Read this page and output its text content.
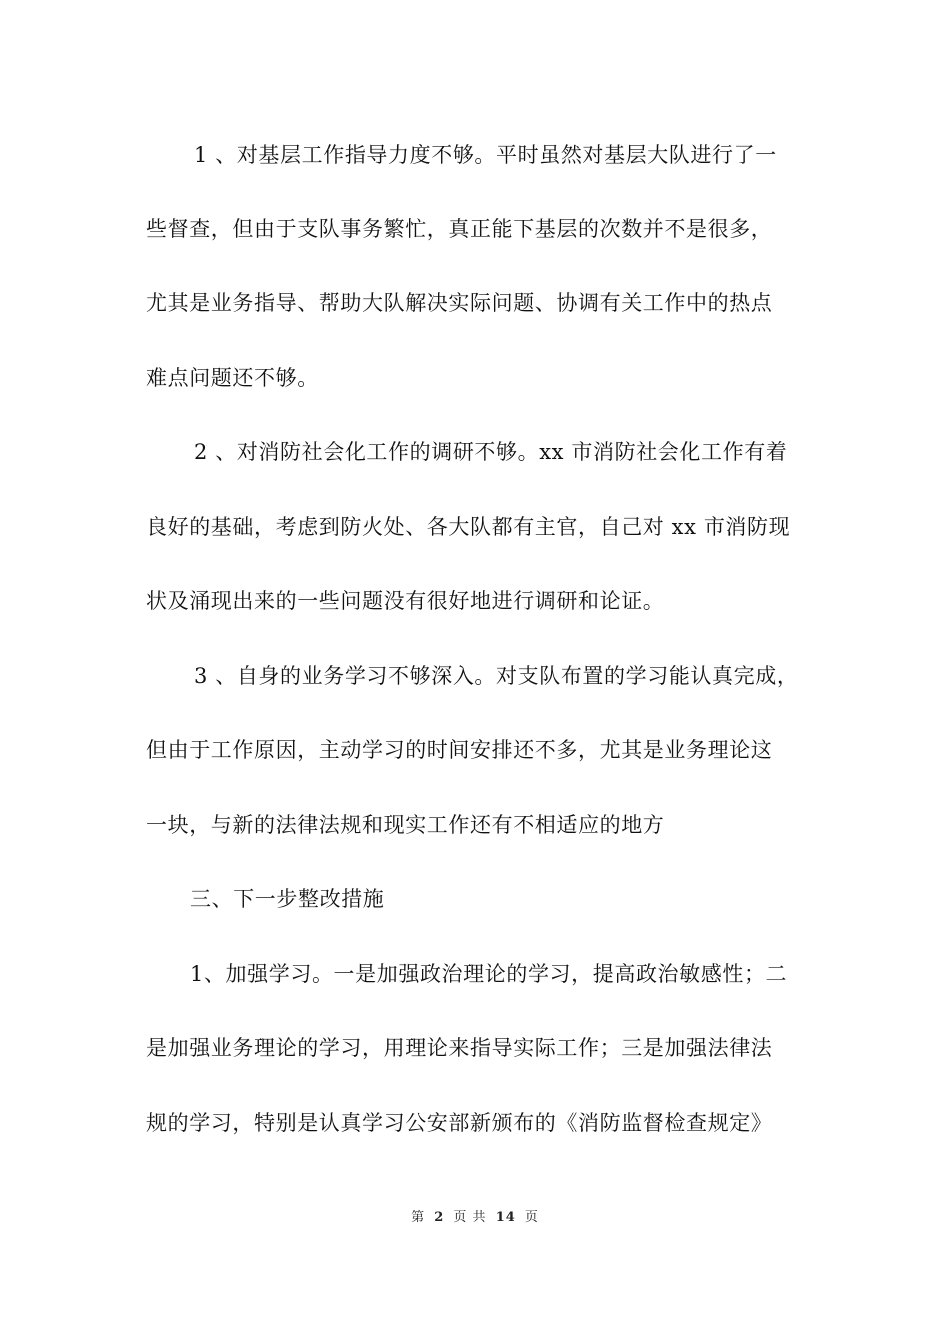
1 、对基层工作指导力度不够。平时虽然对基层大队进行了一
些督查，但由于支队事务繁忙，真正能下基层的次数并不是很多，
尤其是业务指导、帮助大队解决实际问题、协调有关工作中的热点
难点问题还不够。
2 、对消防社会化工作的调研不够。xx 市消防社会化工作有着
良好的基础，考虑到防火处、各大队都有主官，自己对 xx 市消防现
状及涌现出来的一些问题没有很好地进行调研和论证。
3 、自身的业务学习不够深入。对支队布置的学习能认真完成，
但由于工作原因，主动学习的时间安排还不多，尤其是业务理论这
一块，与新的法律法规和现实工作还有不相适应的地方
三、下一步整改措施
1、加强学习。一是加强政治理论的学习，提高政治敏感性；二
是加强业务理论的学习，用理论来指导实际工作；三是加强法律法
规的学习，特别是认真学习公安部新颁布的《消防监督检查规定》
第 2 页 共 14 页
